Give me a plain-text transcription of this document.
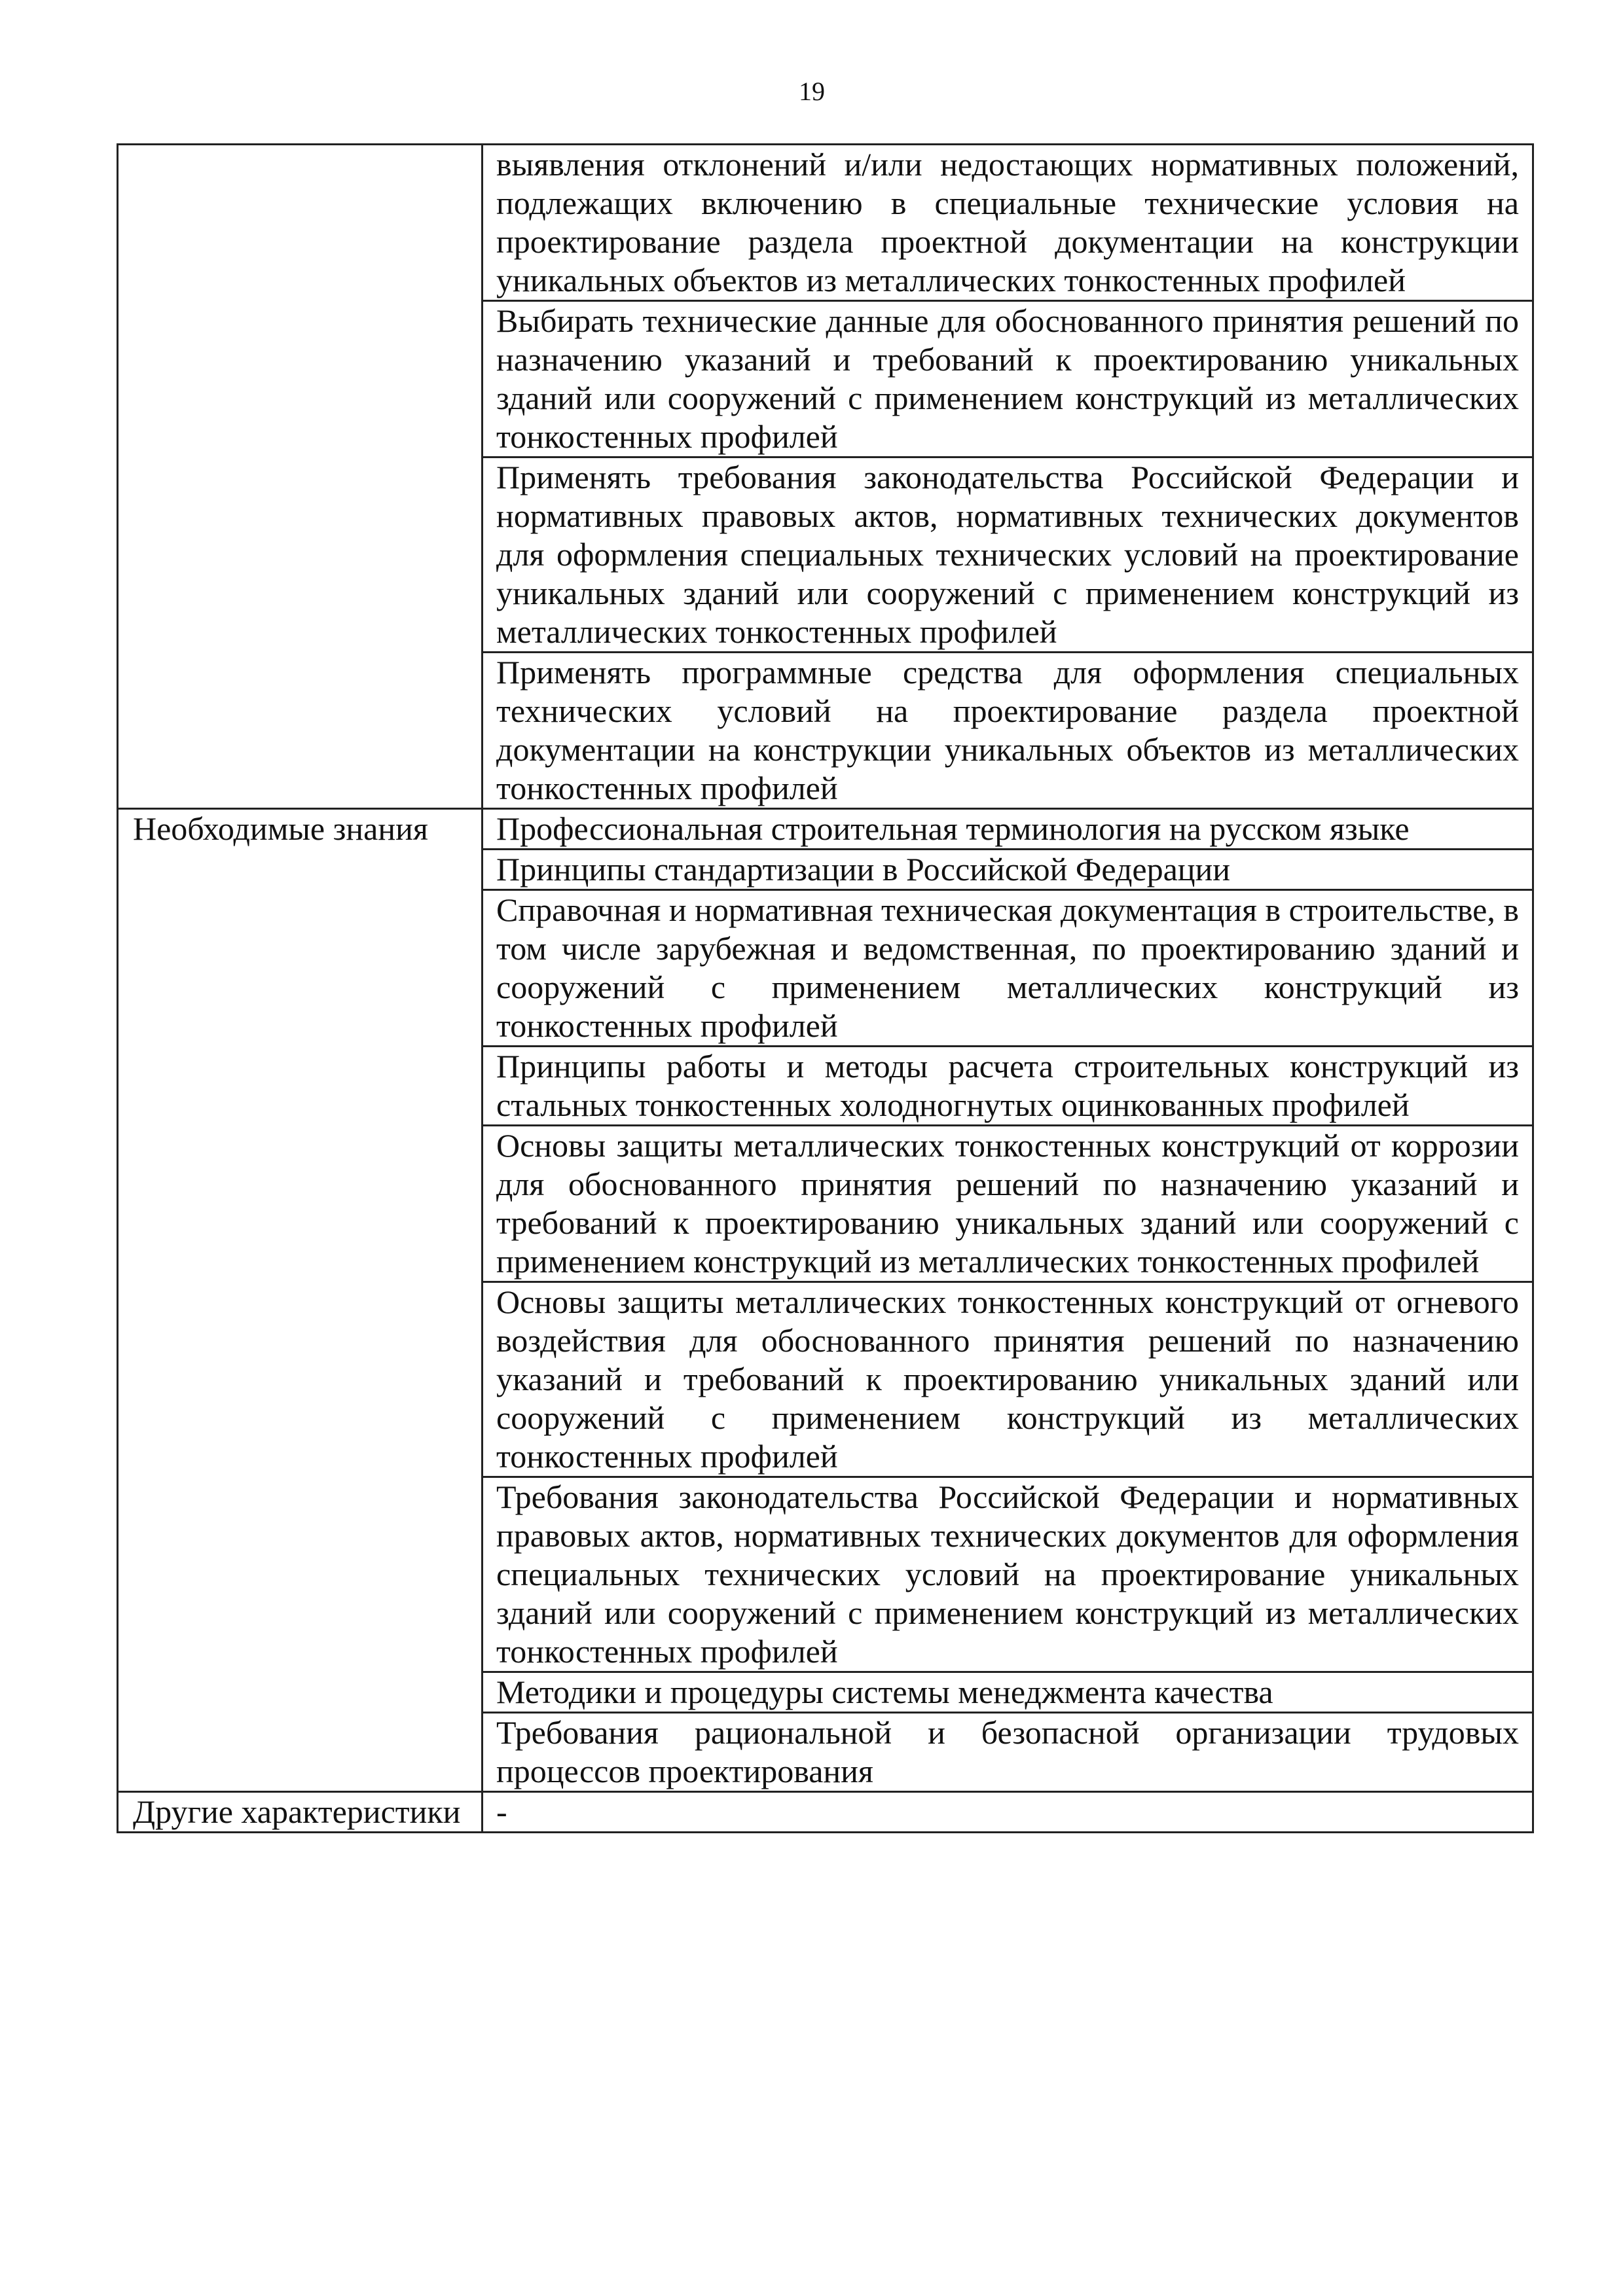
19
	выявления отклонений и/или недостающих нормативных положений, подлежащих включению в специальные технические условия на проектирование раздела проектной документации на конструкции уникальных объектов из металлических тонкостенных профилей
	Выбирать технические данные для обоснованного принятия решений по назначению указаний и требований к проектированию уникальных зданий или сооружений с применением конструкций из металлических тонкостенных профилей
	Применять требования законодательства Российской Федерации и нормативных правовых актов, нормативных технических документов для оформления специальных технических условий на проектирование уникальных зданий или сооружений с применением конструкций из металлических тонкостенных профилей
	Применять программные средства для оформления специальных технических условий на проектирование раздела проектной документации на конструкции уникальных объектов из металлических тонкостенных профилей
Необходимые знания	Профессиональная строительная терминология на русском языке
	Принципы стандартизации в Российской Федерации
	Справочная и нормативная техническая документация в строительстве, в том числе зарубежная и ведомственная, по проектированию зданий и сооружений с применением металлических конструкций из тонкостенных профилей
	Принципы работы и методы расчета строительных конструкций из стальных тонкостенных холодногнутых оцинкованных профилей
	Основы защиты металлических тонкостенных конструкций от коррозии для обоснованного принятия решений по назначению указаний и требований к проектированию уникальных зданий или сооружений с применением конструкций из металлических тонкостенных профилей
	Основы защиты металлических тонкостенных конструкций от огневого воздействия для обоснованного принятия решений по назначению указаний и требований к проектированию уникальных зданий или сооружений с применением конструкций из металлических тонкостенных профилей
	Требования законодательства Российской Федерации и нормативных правовых актов, нормативных технических документов для оформления специальных технических условий на проектирование уникальных зданий или сооружений с применением конструкций из металлических тонкостенных профилей
	Методики и процедуры системы менеджмента качества
	Требования рациональной и безопасной организации трудовых процессов проектирования
Другие характеристики	-
